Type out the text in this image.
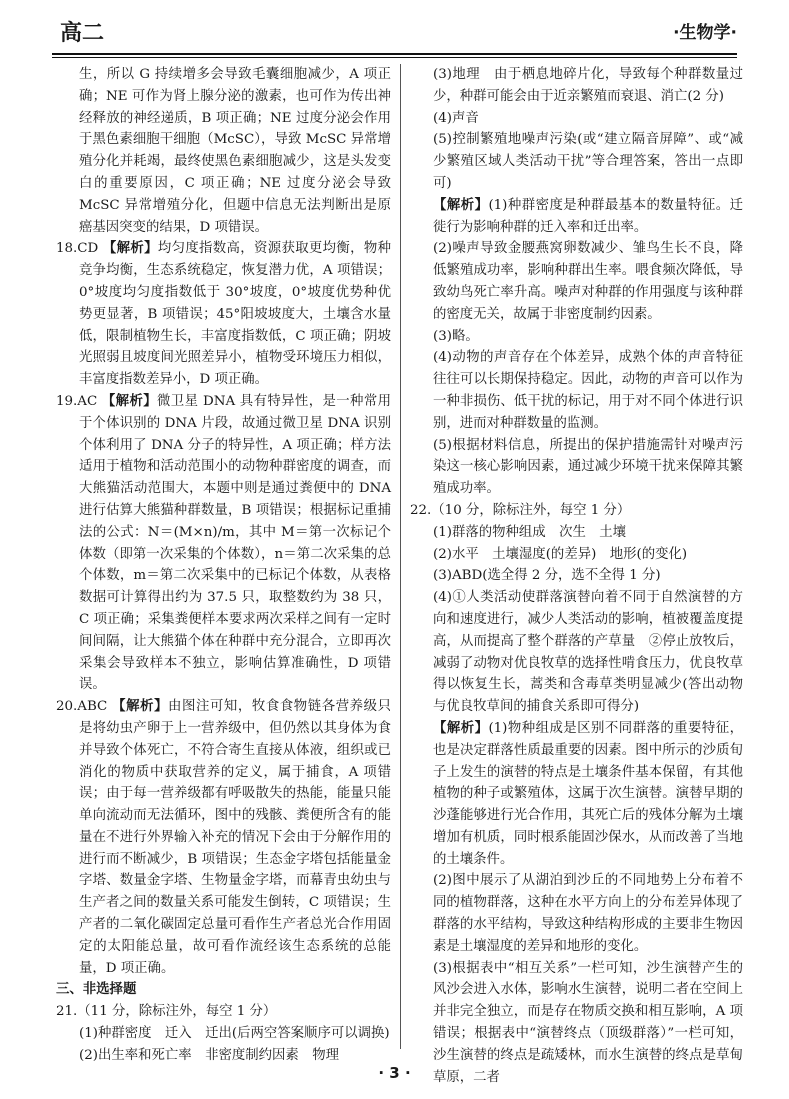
高二	·生物学·

生，所以 G 持续增多会导致毛囊细胞减少，A 项正确；NE 可作为肾上腺分泌的激素，也可作为传出神经释放的神经递质，B 项正确；NE 过度分泌会作用于黑色素细胞干细胞（McSC），导致 McSC 异常增殖分化并耗竭，最终使黑色素细胞减少，这是头发变白的重要原因，C 项正确；NE 过度分泌会导致 McSC 异常增殖分化，但题中信息无法判断出是原癌基因突变的结果，D 项错误。

18.CD 【解析】均匀度指数高，资源获取更均衡，物种竞争均衡，生态系统稳定，恢复潜力优，A 项错误；0°坡度均匀度指数低于 30°坡度，0°坡度优势种优势更显著，B 项错误；45°阳坡坡度大，土壤含水量低，限制植物生长，丰富度指数低，C 项正确；阴坡光照弱且坡度间光照差异小，植物受环境压力相似，丰富度指数差异小，D 项正确。

19.AC 【解析】微卫星 DNA 具有特异性，是一种常用于个体识别的 DNA 片段，故通过微卫星 DNA 识别个体利用了 DNA 分子的特异性，A 项正确；样方法适用于植物和活动范围小的动物种群密度的调查，而大熊猫活动范围大，本题中则是通过粪便中的 DNA 进行估算大熊猫种群数量，B 项错误；根据标记重捕法的公式：N＝(M×n)/m，其中 M＝第一次标记个体数（即第一次采集的个体数），n＝第二次采集的总个体数，m＝第二次采集中的已标记个体数，从表格数据可计算得出约为 37.5 只，取整数约为 38 只，C 项正确；采集粪便样本要求两次采样之间有一定时间间隔，让大熊猫个体在种群中充分混合，立即再次采集会导致样本不独立，影响估算准确性，D 项错误。

20.ABC 【解析】由图注可知，牧食食物链各营养级只是将幼虫产卵于上一营养级中，但仍然以其身体为食并导致个体死亡，不符合寄生直接从体液，组织或已消化的物质中获取营养的定义，属于捕食，A 项错误；由于每一营养级都有呼吸散失的热能，能量只能单向流动而无法循环，图中的残骸、粪便所含有的能量在不进行外界输入补充的情况下会由于分解作用的进行而不断减少，B 项错误；生态金字塔包括能量金字塔、数量金字塔、生物量金字塔，而幕青虫幼虫与生产者之间的数量关系可能发生倒转，C 项错误；生产者的二氧化碳固定总量可看作生产者总光合作用固定的太阳能总量，故可看作流经该生态系统的总能量，D 项正确。

三、非选择题

21.（11 分，除标注外，每空 1 分）

(1)种群密度　迁入　迁出(后两空答案顺序可以调换)

(2)出生率和死亡率　非密度制约因素　物理

(3)地理　由于栖息地碎片化，导致每个种群数量过少，种群可能会由于近亲繁殖而衰退、消亡(2 分)

(4)声音

(5)控制繁殖地噪声污染(或“建立隔音屏障”、或“减少繁殖区域人类活动干扰”等合理答案，答出一点即可)

【解析】(1)种群密度是种群最基本的数量特征。迁徙行为影响种群的迁入率和迁出率。

(2)噪声导致金腰燕窝卵数减少、雏鸟生长不良，降低繁殖成功率，影响种群出生率。喂食频次降低，导致幼鸟死亡率升高。噪声对种群的作用强度与该种群的密度无关，故属于非密度制约因素。

(3)略。

(4)动物的声音存在个体差异，成熟个体的声音特征往往可以长期保持稳定。因此，动物的声音可以作为一种非损伤、低干扰的标记，用于对不同个体进行识别，进而对种群数量的监测。

(5)根据材料信息，所提出的保护措施需针对噪声污染这一核心影响因素，通过减少环境干扰来保障其繁殖成功率。

22.（10 分，除标注外，每空 1 分）

(1)群落的物种组成　次生　土壤

(2)水平　土壤湿度(的差异)　地形(的变化)

(3)ABD(选全得 2 分，选不全得 1 分)

(4)①人类活动使群落演替向着不同于自然演替的方向和速度进行，减少人类活动的影响，植被覆盖度提高，从而提高了整个群落的产草量　②停止放牧后，减弱了动物对优良牧草的选择性啃食压力，优良牧草得以恢复生长，蒿类和含毒草类明显减少(答出动物与优良牧草间的捕食关系即可得分)

【解析】(1)物种组成是区别不同群落的重要特征，也是决定群落性质最重要的因素。图中所示的沙质旬子上发生的演替的特点是土壤条件基本保留，有其他植物的种子或繁殖体，这属于次生演替。演替早期的沙蓬能够进行光合作用，其死亡后的残体分解为土壤增加有机质，同时根系能固沙保水，从而改善了当地的土壤条件。

(2)图中展示了从湖泊到沙丘的不同地势上分布着不同的植物群落，这种在水平方向上的分布差异体现了群落的水平结构，导致这种结构形成的主要非生物因素是土壤湿度的差异和地形的变化。

(3)根据表中“相互关系”一栏可知，沙生演替产生的风沙会进入水体，影响水生演替，说明二者在空间上并非完全独立，而是存在物质交换和相互影响，A 项错误；根据表中“演替终点（顶级群落）”一栏可知，沙生演替的终点是疏矮林，而水生演替的终点是草甸草原，二者

· 3 ·
